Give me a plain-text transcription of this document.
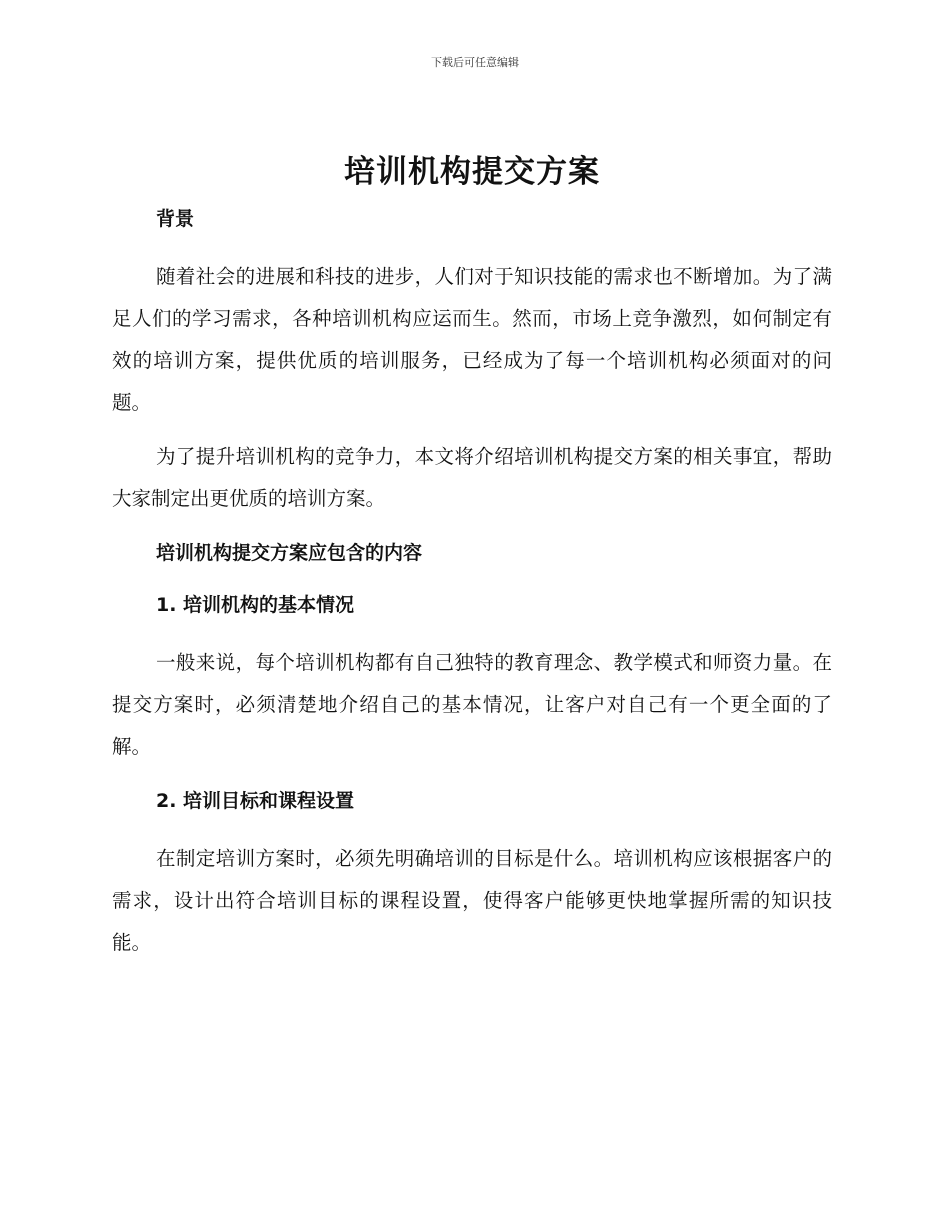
下载后可任意编辑
培训机构提交方案
背景

随着社会的进展和科技的进步，人们对于知识技能的需求也不断增加。为了满足人们的学习需求，各种培训机构应运而生。然而，市场上竞争激烈，如何制定有效的培训方案，提供优质的培训服务，已经成为了每一个培训机构必须面对的问题。

为了提升培训机构的竞争力，本文将介绍培训机构提交方案的相关事宜，帮助大家制定出更优质的培训方案。

培训机构提交方案应包含的内容
1. 培训机构的基本情况

一般来说，每个培训机构都有自己独特的教育理念、教学模式和师资力量。在提交方案时，必须清楚地介绍自己的基本情况，让客户对自己有一个更全面的了解。

2. 培训目标和课程设置

在制定培训方案时，必须先明确培训的目标是什么。培训机构应该根据客户的需求，设计出符合培训目标的课程设置，使得客户能够更快地掌握所需的知识技能。
